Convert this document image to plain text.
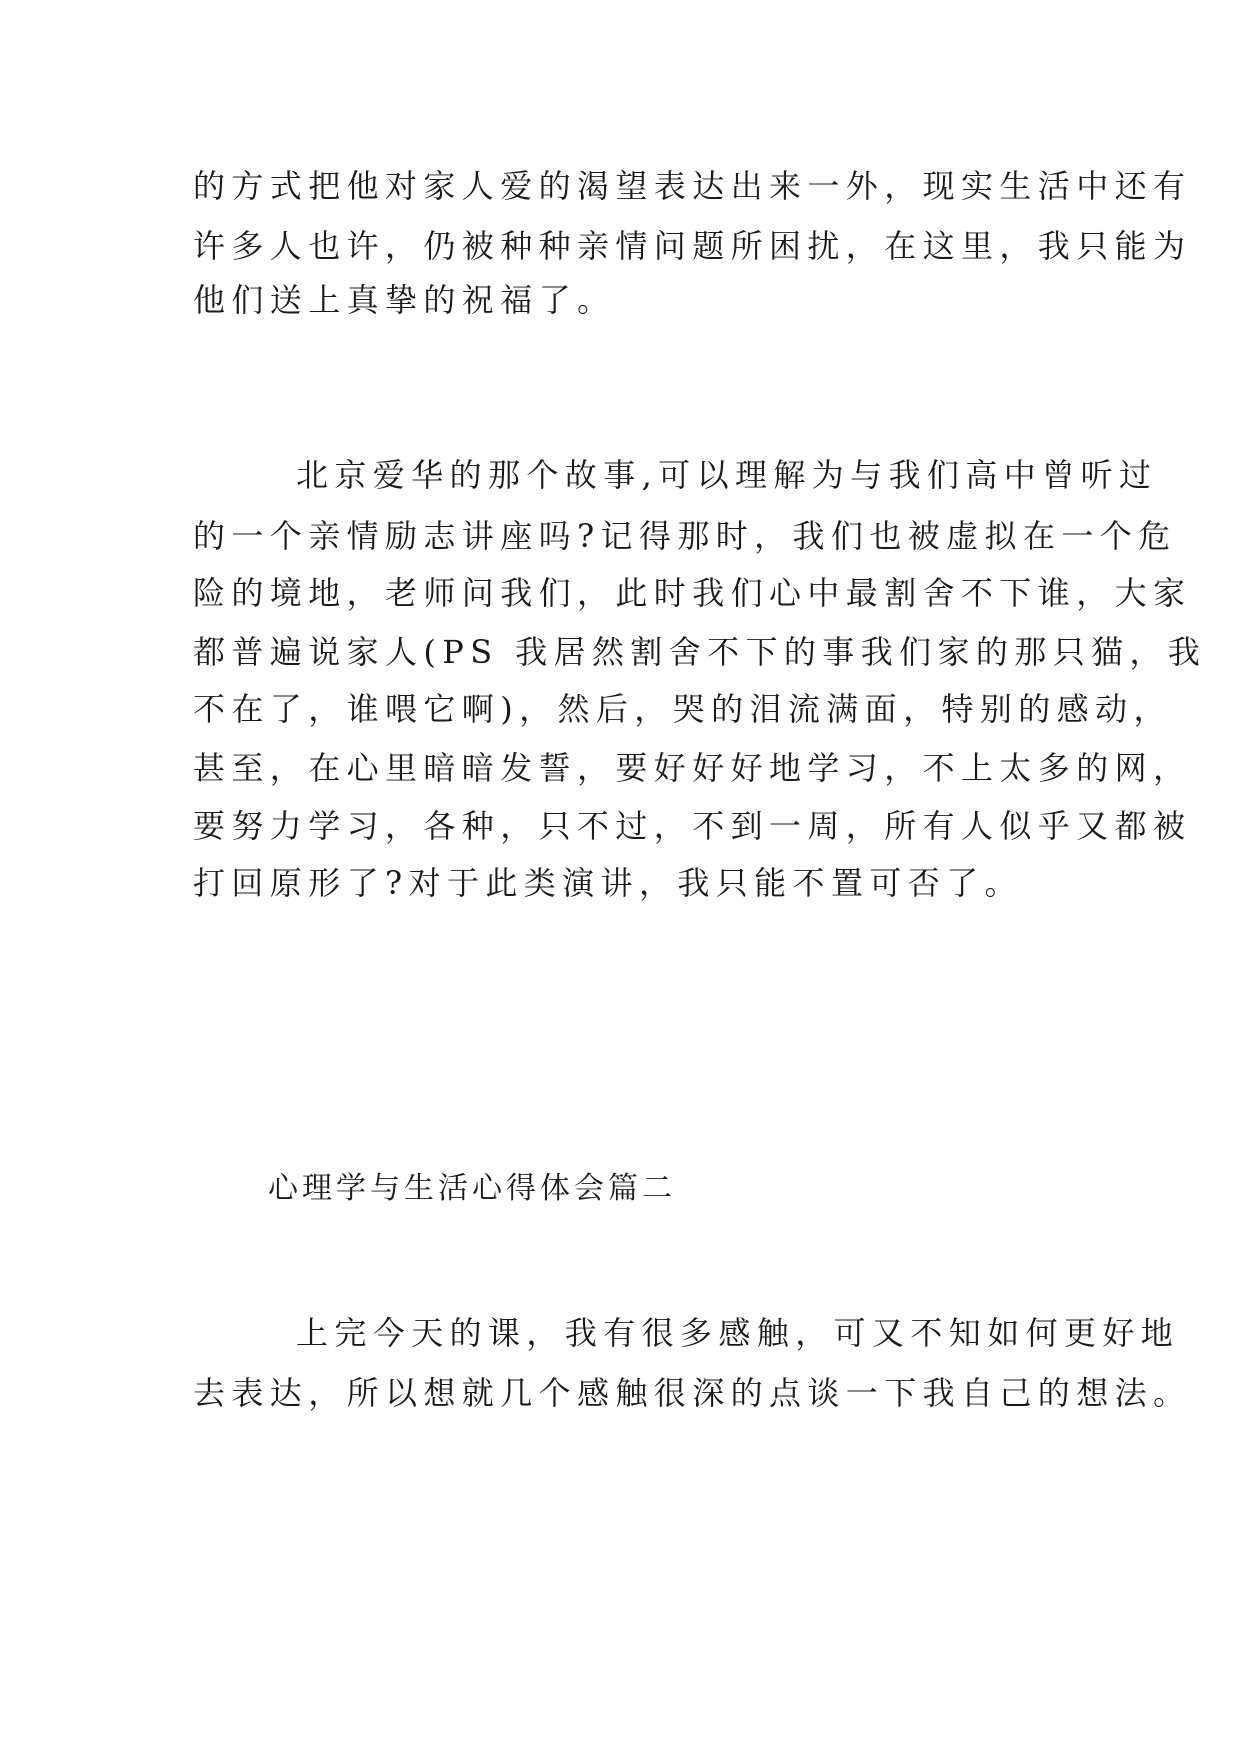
的方式把他对家人爱的渴望表达出来一外，现实生活中还有
许多人也许，仍被种种亲情问题所困扰，在这里，我只能为
他们送上真挚的祝福了。
北京爱华的那个故事,可以理解为与我们高中曾听过
的一个亲情励志讲座吗?记得那时，我们也被虚拟在一个危
险的境地，老师问我们，此时我们心中最割舍不下谁，大家
都普遍说家人(PS 我居然割舍不下的事我们家的那只猫，我
不在了，谁喂它啊)，然后，哭的泪流满面，特别的感动，
甚至，在心里暗暗发誓，要好好好地学习，不上太多的网，
要努力学习，各种，只不过，不到一周，所有人似乎又都被
打回原形了?对于此类演讲，我只能不置可否了。
心理学与生活心得体会篇二
上完今天的课，我有很多感触，可又不知如何更好地
去表达，所以想就几个感触很深的点谈一下我自己的想法。
